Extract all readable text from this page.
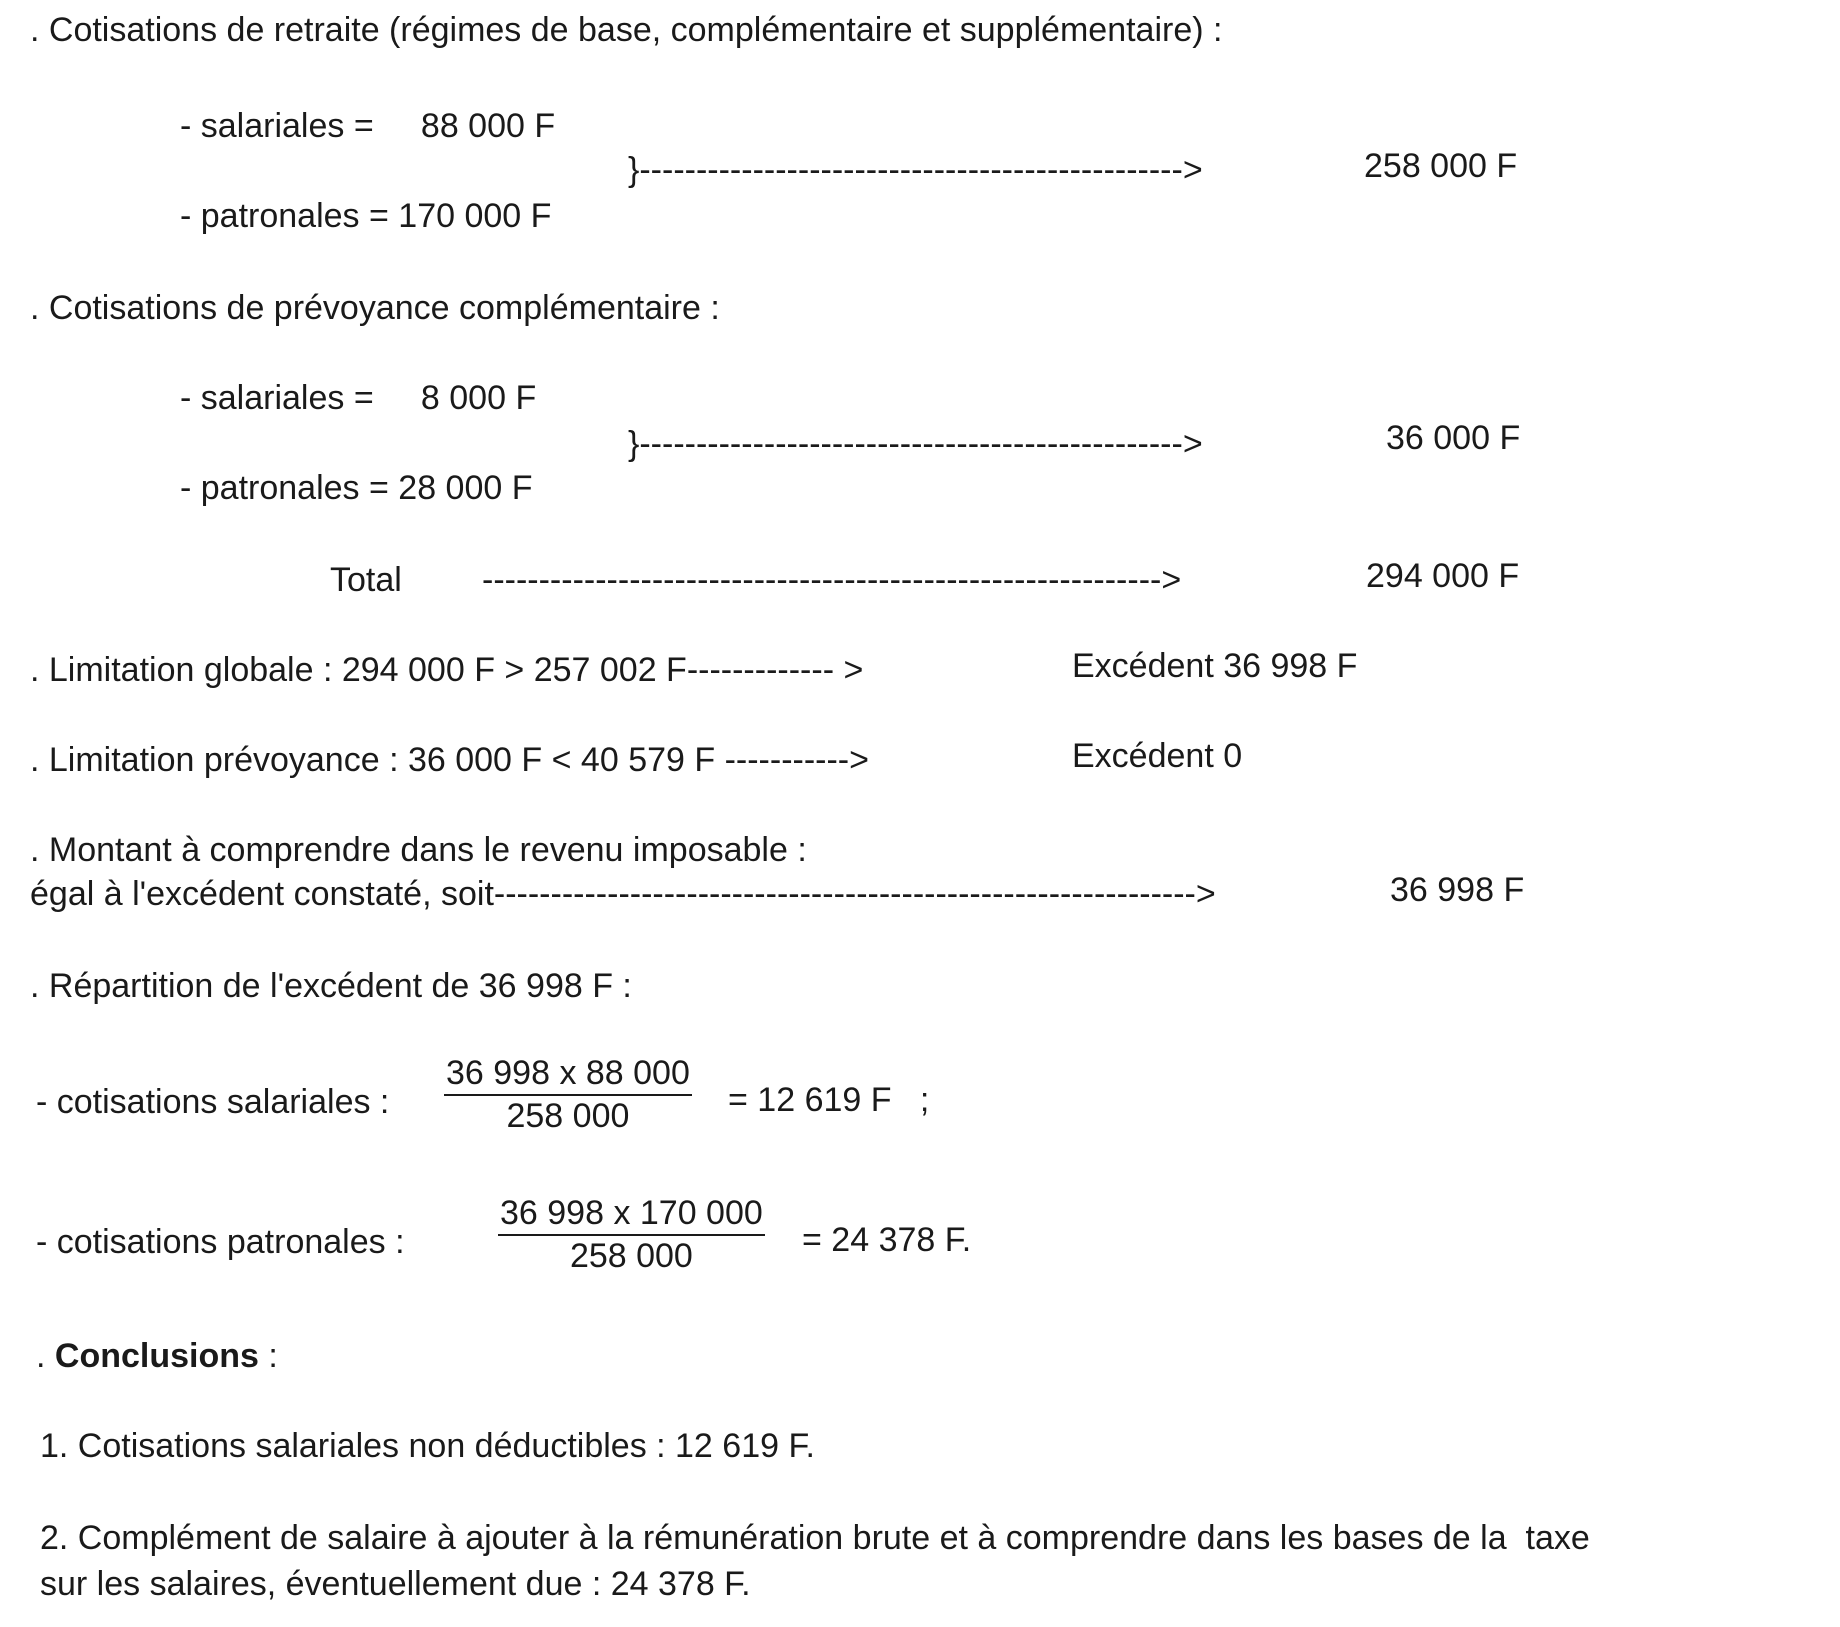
. Cotisations de retraite (régimes de base, complémentaire et supplémentaire) :
- salariales =     88 000 F
}------------------------------------------------>	258 000 F
- patronales = 170 000 F
. Cotisations de prévoyance complémentaire :
- salariales =     8 000 F
}------------------------------------------------>	36 000 F
- patronales = 28 000 F
Total ------------------------------------------------------------>	294 000 F
. Limitation globale : 294 000 F > 257 002 F------------- >	Excédent 36 998 F
. Limitation prévoyance : 36 000 F < 40 579 F ----------->	Excédent 0
. Montant à comprendre dans le revenu imposable :
égal à l'excédent constaté, soit-------------------------------------------------------------->	36 998 F
. Répartition de l'excédent de 36 998 F :
- cotisations salariales : $\frac{36 998 x 88 000}{258 000} = 12$ 619 F   ;
- cotisations patronales :	$\frac{36 998 x 170 000}{258 000} = 24$ 378 F.
. Conclusions :
1. Cotisations salariales non déductibles : 12 619 F.
2. Complément de salaire à ajouter à la rémunération brute et à comprendre dans les bases de la  taxe
sur les salaires, éventuellement due : 24 378 F.
